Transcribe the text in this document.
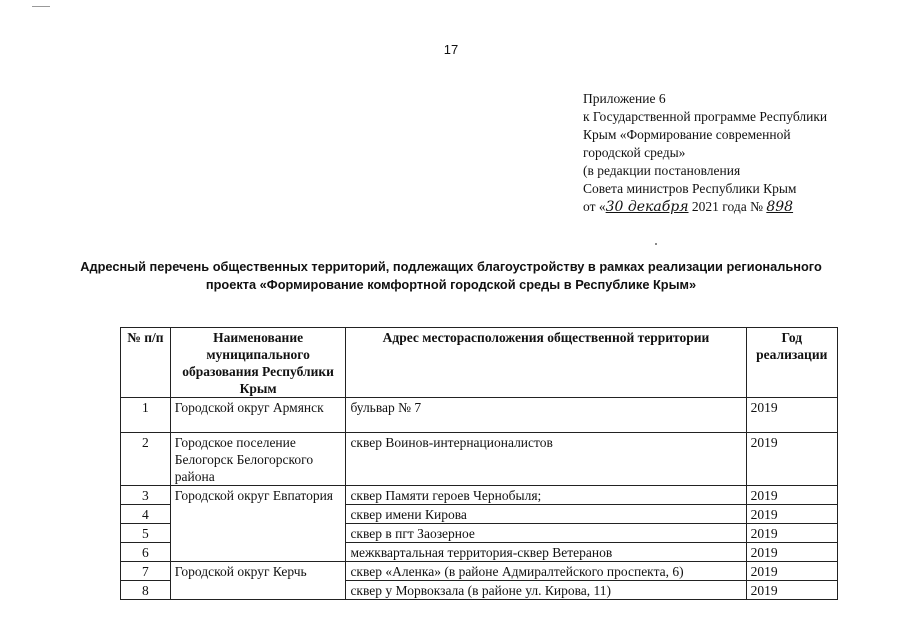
17
Приложение 6
к Государственной программе Республики
Крым «Формирование современной
городской среды»
(в редакции постановления
Совета министров Республики Крым
от «30 декабря 2021 года № 898
Адресный перечень общественных территорий, подлежащих благоустройству в рамках реализации регионального
проекта «Формирование комфортной городской среды в Республике Крым»
№ п/п	Наименование муниципального образования Республики Крым	Адрес месторасположения общественной территории	Год реализации
1	Городской округ Армянск	бульвар № 7	2019
2	Городское поселение Белогорск Белогорского района	сквер Воинов-интернационалистов	2019
3	Городской округ Евпатория	сквер Памяти героев Чернобыля;	2019
4		сквер имени Кирова	2019
5		сквер в пгт Заозерное	2019
6		межквартальная территория-сквер Ветеранов	2019
7	Городской округ Керчь	сквер «Аленка» (в районе Адмиралтейского проспекта, 6)	2019
8		сквер у Морвокзала (в районе ул. Кирова, 11)	2019
